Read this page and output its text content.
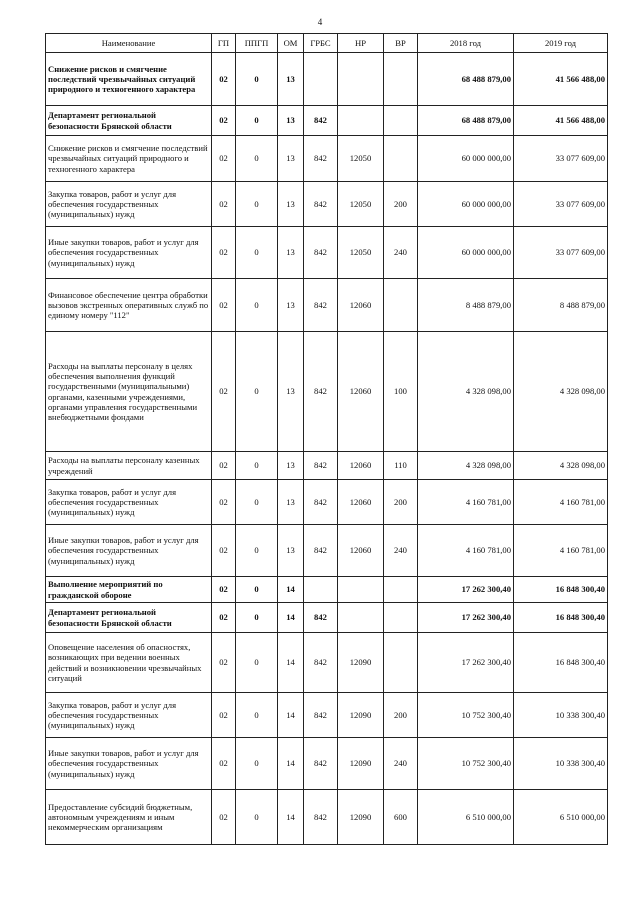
4
Наименование	ГП	ППГП	ОМ	ГРБС	НР	ВР	2018 год	2019 год
Снижение рисков и смягчение последствий чрезвычайных ситуаций природного и техногенного характера	02	0	13				68 488 879,00	41 566 488,00
Департамент региональной безопасности Брянской области	02	0	13	842			68 488 879,00	41 566 488,00
Снижение рисков и смягчение последствий чрезвычайных ситуаций природного и техногенного характера	02	0	13	842	12050		60 000 000,00	33 077 609,00
Закупка товаров, работ и услуг для обеспечения государственных (муниципальных) нужд	02	0	13	842	12050	200	60 000 000,00	33 077 609,00
Иные закупки товаров, работ и услуг для обеспечения государственных (муниципальных) нужд	02	0	13	842	12050	240	60 000 000,00	33 077 609,00
Финансовое обеспечение центра обработки вызовов экстренных оперативных служб по единому номеру "112"	02	0	13	842	12060		8 488 879,00	8 488 879,00
Расходы на выплаты персоналу в целях обеспечения выполнения функций государственными (муниципальными) органами, казенными учреждениями, органами управления государственными внебюджетными фондами	02	0	13	842	12060	100	4 328 098,00	4 328 098,00
Расходы на выплаты персоналу казенных учреждений	02	0	13	842	12060	110	4 328 098,00	4 328 098,00
Закупка товаров, работ и услуг для обеспечения государственных (муниципальных) нужд	02	0	13	842	12060	200	4 160 781,00	4 160 781,00
Иные закупки товаров, работ и услуг для обеспечения государственных (муниципальных) нужд	02	0	13	842	12060	240	4 160 781,00	4 160 781,00
Выполнение мероприятий по гражданской обороне	02	0	14				17 262 300,40	16 848 300,40
Департамент региональной безопасности Брянской области	02	0	14	842			17 262 300,40	16 848 300,40
Оповещение населения об опасностях, возникающих при ведении военных действий и возникновении чрезвычайных ситуаций	02	0	14	842	12090		17 262 300,40	16 848 300,40
Закупка товаров, работ и услуг для обеспечения государственных (муниципальных) нужд	02	0	14	842	12090	200	10 752 300,40	10 338 300,40
Иные закупки товаров, работ и услуг для обеспечения государственных (муниципальных) нужд	02	0	14	842	12090	240	10 752 300,40	10 338 300,40
Предоставление субсидий бюджетным, автономным учреждениям и иным некоммерческим организациям	02	0	14	842	12090	600	6 510 000,00	6 510 000,00
